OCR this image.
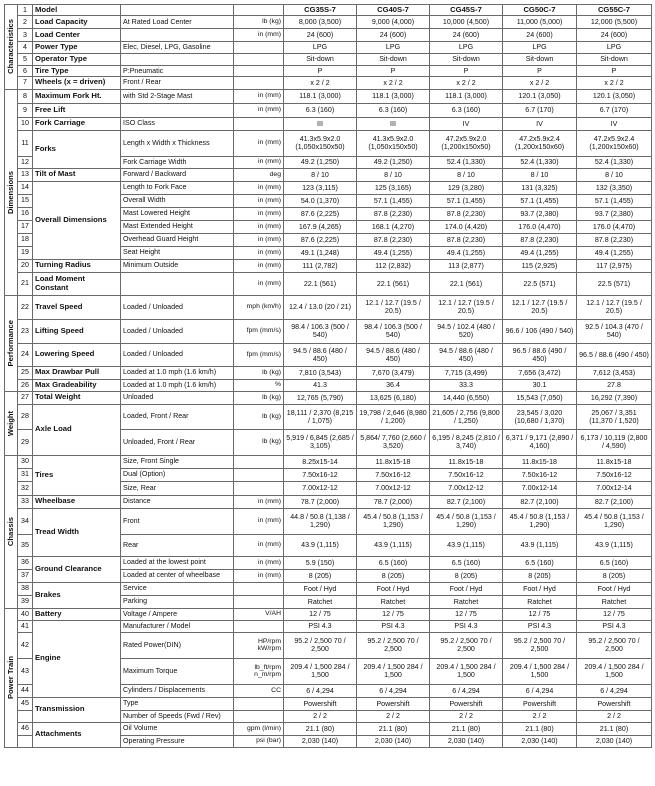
Characteristics	1	Model			CG35S-7	CG40S-7	CG45S-7	CG50C-7	CG55C-7
	2	Load Capacity	At Rated Load Center	lb (kg)	8,000 (3,500)	9,000 (4,000)	10,000 (4,500)	11,000 (5,000)	12,000 (5,500)
	3	Load Center		in (mm)	24 (600)	24 (600)	24 (600)	24 (600)	24 (600)
	4	Power Type	Elec, Diesel, LPG, Gasoline		LPG	LPG	LPG	LPG	LPG
	5	Operator Type			Sit-down	Sit-down	Sit-down	Sit-down	Sit-down
	6	Tire Type	P:Pneumatic		P	P	P	P	P
	7	Wheels (x = driven)	Front / Rear		x 2 / 2	x 2 / 2	x 2 / 2	x 2 / 2	x 2 / 2

Dimensions	8	Maximum Fork Ht.	with Std 2-Stage Mast	in (mm)	118.1 (3,000)	118.1 (3,000)	118.1 (3,000)	120.1 (3,050)	120.1 (3,050)
	9	Free Lift		in (mm)	6.3 (160)	6.3 (160)	6.3 (160)	6.7 (170)	6.7 (170)
	10	Fork Carriage	ISO Class		III	III	IV	IV	IV
	11	Forks	Length x Width x Thickness	in (mm)	41.3x5.9x2.0 (1,050x150x50)	41.3x5.9x2.0 (1,050x150x50)	47.2x5.9x2.0 (1,200x150x50)	47.2x5.9x2.4 (1,200x150x60)	47.2x5.9x2.4 (1,200x150x60)
	12		Fork Carriage Width	in (mm)	49.2 (1,250)	49.2 (1,250)	52.4 (1,330)	52.4 (1,330)	52.4 (1,330)
	13	Tilt of Mast	Forward / Backward	deg	8 / 10	8 / 10	8 / 10	8 / 10	8 / 10
	14	Overall Dimensions	Length to Fork Face	in (mm)	123 (3,115)	125 (3,165)	129 (3,280)	131 (3,325)	132 (3,350)
	15		Overall Width	in (mm)	54.0 (1,370)	57.1 (1,455)	57.1 (1,455)	57.1 (1,455)	57.1 (1,455)
	16		Mast Lowered Height	in (mm)	87.6 (2,225)	87.8 (2,230)	87.8 (2,230)	93.7 (2,380)	93.7 (2,380)
	17		Mast Extended Height	in (mm)	167.9 (4,265)	168.1 (4,270)	174.0 (4,420)	176.0 (4,470)	176.0 (4,470)
	18		Overhead Guard Height	in (mm)	87.6 (2,225)	87.8 (2,230)	87.8 (2,230)	87.8 (2,230)	87.8 (2,230)
	19		Seat Height	in (mm)	49.1 (1,248)	49.4 (1,255)	49.4 (1,255)	49.4 (1,255)	49.4 (1,255)
	20	Turning Radius	Minimum Outside	in (mm)	111 (2,782)	112 (2,832)	113 (2,877)	115 (2,925)	117 (2,975)
	21	Load Moment Constant		in (mm)	22.1 (561)	22.1 (561)	22.1 (561)	22.5 (571)	22.5 (571)

Performance	22	Travel Speed	Loaded / Unloaded	mph (km/h)	12.4 / 13.0 (20 / 21)	12.1 / 12.7 (19.5 / 20.5)	12.1 / 12.7 (19.5 / 20.5)	12.1 / 12.7 (19.5 / 20.5)	12.1 / 12.7 (19.5 / 20.5)
	23	Lifting Speed	Loaded / Unloaded	fpm (mm/s)	98.4 / 106.3 (500 / 540)	98.4 / 106.3 (500 / 540)	94.5 / 102.4 (480 / 520)	96.6 / 106 (490 / 540)	92.5 / 104.3 (470 / 540)
	24	Lowering Speed	Loaded / Unloaded	fpm (mm/s)	94.5 / 88.6 (480 / 450)	94.5 / 88.6 (480 / 450)	94.5 / 88.6 (480 / 450)	96.5 / 88.6 (490 / 450)	96.5 / 88.6 (490 / 450)
	25	Max Drawbar Pull	Loaded at 1.0 mph (1.6 km/h)	lb (kg)	7,810 (3,543)	7,670 (3,479)	7,715 (3,499)	7,656 (3,472)	7,612 (3,453)
	26	Max Gradeability	Loaded at 1.0 mph (1.6 km/h)	%	41.3	36.4	33.3	30.1	27.8

Weight	27	Total Weight	Unloaded	lb (kg)	12,765 (5,790)	13,625 (6,180)	14,440 (6,550)	15,543 (7,050)	16,292 (7,390)
	28	Axle Load	Loaded, Front / Rear	lb (kg)	18,111 / 2,370 (8,215 / 1,075)	19,798 / 2,646 (8,980 / 1,200)	21,605 / 2,756 (9,800 / 1,250)	23,545 / 3,020 (10,680 / 1,370)	25,067 / 3,351 (11,370 / 1,520)
	29		Unloaded, Front / Rear	lb (kg)	5,919 / 6,845 (2,685 / 3,105)	5,864/ 7,760 (2,660 / 3,520)	6,195 / 8,245 (2,810 / 3,740)	6,371 / 9,171 (2,890 / 4,160)	6,173 / 10,119 (2,800 / 4,590)

Chassis	30	Tires	Size, Front Single		8.25x15-14	11.8x15-18	11.8x15-18	11.8x15-18	11.8x15-18
	31		Dual (Option)		7.50x16-12	7.50x16-12	7.50x16-12	7.50x16-12	7.50x16-12
	32		Size, Rear		7.00x12-12	7.00x12-12	7.00x12-12	7.00x12-14	7.00x12-14
	33	Wheelbase	Distance	in (mm)	78.7 (2,000)	78.7 (2,000)	82.7 (2,100)	82.7 (2,100)	82.7 (2,100)
	34	Tread Width	Front	in (mm)	44.8 / 50.8 (1,138 / 1,290)	45.4 / 50.8 (1,153 / 1,290)	45.4 / 50.8 (1,153 / 1,290)	45.4 / 50.8 (1,153 / 1,290)	45.4 / 50.8 (1,153 / 1,290)
	35		Rear	in (mm)	43.9 (1,115)	43.9 (1,115)	43.9 (1,115)	43.9 (1,115)	43.9 (1,115)
	36	Ground Clearance	Loaded at the lowest point	in (mm)	5.9 (150)	6.5 (160)	6.5 (160)	6.5 (160)	6.5 (160)
	37		Loaded at center of wheelbase	in (mm)	8 (205)	8 (205)	8 (205)	8 (205)	8 (205)
	38	Brakes	Service		Foot / Hyd	Foot / Hyd	Foot / Hyd	Foot / Hyd	Foot / Hyd
	39		Parking		Ratchet	Ratchet	Ratchet	Ratchet	Ratchet

Power Train	40	Battery	Voltage / Ampere	V/AH	12 / 75	12 / 75	12 / 75	12 / 75	12 / 75
	41	Engine	Manufacturer / Model		PSI 4.3	PSI 4.3	PSI 4.3	PSI 4.3	PSI 4.3
	42		Rated Power(DIN)	HP/rpm kW/rpm	95.2 / 2,500 70 / 2,500	95.2 / 2,500 70 / 2,500	95.2 / 2,500 70 / 2,500	95.2 / 2,500 70 / 2,500	95.2 / 2,500 70 / 2,500
	43		Maximum Torque	lb_ft/rpm n_m/rpm	209.4 / 1,500 284 / 1,500	209.4 / 1,500 284 / 1,500	209.4 / 1,500 284 / 1,500	209.4 / 1,500 284 / 1,500	209.4 / 1,500 284 / 1,500
	44		Cylinders / Displacements	CC	6 / 4,294	6 / 4,294	6 / 4,294	6 / 4,294	6 / 4,294
	45	Transmission	Type		Powershift	Powershift	Powershift	Powershift	Powershift
			Number of Speeds (Fwd / Rev)		2 / 2	2 / 2	2 / 2	2 / 2	2 / 2
	46	Attachments	Oil Volume	gpm (l/min)	21.1 (80)	21.1 (80)	21.1 (80)	21.1 (80)	21.1 (80)
			Operating Pressure	psi (bar)	2,030 (140)	2,030 (140)	2,030 (140)	2,030 (140)	2,030 (140)
